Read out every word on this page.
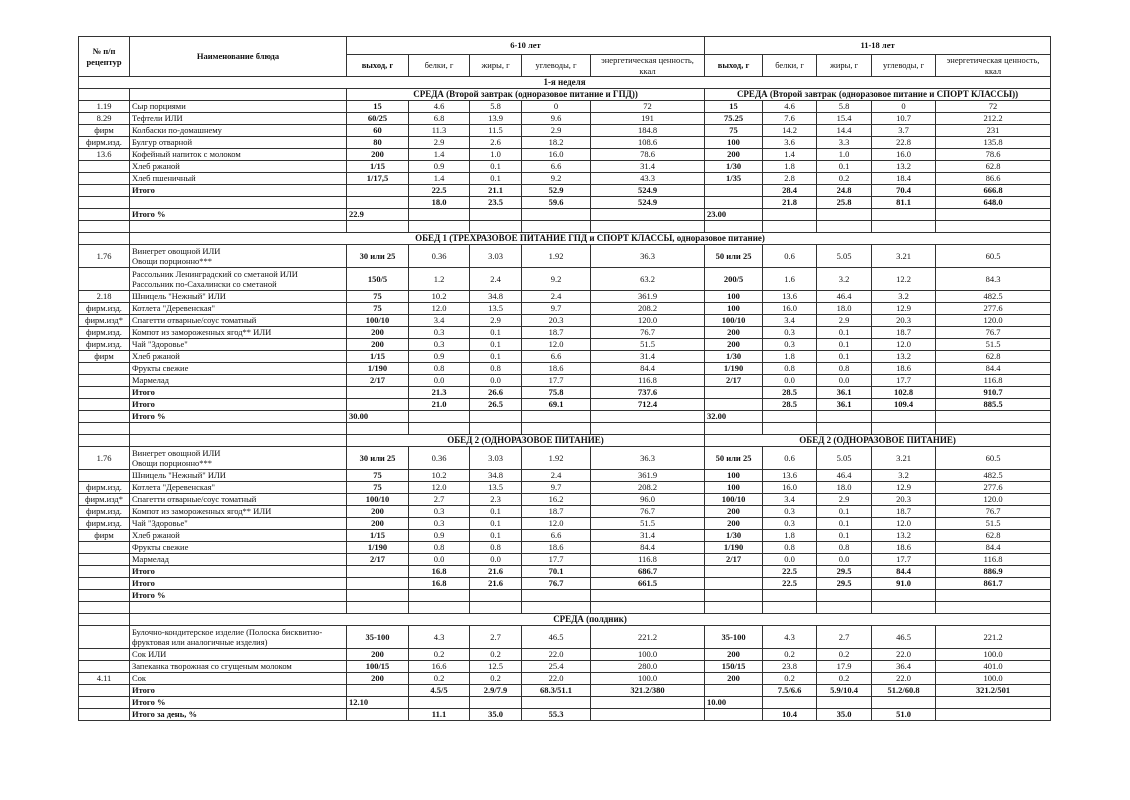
№ п/п рецептур	Наименование блюда	6-10 лет					11-18 лет				
		выход, г	белки, г	жиры, г	углеводы, г	энергетическая ценность, ккал	выход, г	белки, г	жиры, г	углеводы, г	энергетическая ценность, ккал
1-я неделя											
		СРЕДА (Второй завтрак (одноразовое питание и ГПД))					СРЕДА (Второй завтрак (одноразовое питание и СПОРТ КЛАССЫ))				
1.19	Сыр порциями	15	4.6	5.8	0	72	15	4.6	5.8	0	72
8.29	Тефтели ИЛИ	60/25	6.8	13.9	9.6	191	75.25	7.6	15.4	10.7	212.2
фирм	Колбаски по-домашнему	60	11.3	11.5	2.9	184.8	75	14.2	14.4	3.7	231
фирм.изд.	Булгур отварной	80	2.9	2.6	18.2	108.6	100	3.6	3.3	22.8	135.8
13.6	Кофейный напиток с молоком	200	1.4	1.0	16.0	78.6	200	1.4	1.0	16.0	78.6
	Хлеб ржаной	1/15	0.9	0.1	6.6	31.4	1/30	1.8	0.1	13.2	62.8
	Хлеб пшеничный	1/17,5	1.4	0.1	9.2	43.3	1/35	2.8	0.2	18.4	86.6
	Итого		22.5	21.1	52.9	524.9		28.4	24.8	70.4	666.8
			18.0	23.5	59.6	524.9		21.8	25.8	81.1	648.0
	Итого %	22.9					23.00				

	ОБЕД 1 (ТРЕХРАЗОВОЕ ПИТАНИЕ ГПД и СПОРТ КЛАССЫ, одноразовое питание)										
1.76	Винегрет овощной ИЛИ
Овощи порционно***	30 или 25	0.36	3.03	1.92	36.3	50 или 25	0.6	5.05	3.21	60.5
	Рассольник Ленинградский со сметаной ИЛИ
Рассольник по-Сахалински со сметаной	150/5	1.2	2.4	9.2	63.2	200/5	1.6	3.2	12.2	84.3
2.18	Шницель "Нежный" ИЛИ	75	10.2	34.8	2.4	361.9	100	13.6	46.4	3.2	482.5
фирм.изд.	Котлета "Деревенская"	75	12.0	13.5	9.7	208.2	100	16.0	18.0	12.9	277.6
фирм.изд*	Спагетти отварные/соус томатный	100/10	3.4	2.9	20.3	120.0	100/10	3.4	2.9	20.3	120.0
фирм.изд.	Компот из замороженных ягод** ИЛИ	200	0.3	0.1	18.7	76.7	200	0.3	0.1	18.7	76.7
фирм.изд.	Чай "Здоровье"	200	0.3	0.1	12.0	51.5	200	0.3	0.1	12.0	51.5
фирм	Хлеб ржаной	1/15	0.9	0.1	6.6	31.4	1/30	1.8	0.1	13.2	62.8
	Фрукты свежие	1/190	0.8	0.8	18.6	84.4	1/190	0.8	0.8	18.6	84.4
	Мармелад	2/17	0.0	0.0	17.7	116.8	2/17	0.0	0.0	17.7	116.8
	Итого		21.3	26.6	75.8	737.6		28.5	36.1	102.8	910.7
	Итого		21.0	26.5	69.1	712.4		28.5	36.1	109.4	885.5
	Итого %	30.00					32.00				

		ОБЕД 2 (ОДНОРАЗОВОЕ ПИТАНИЕ)					ОБЕД 2 (ОДНОРАЗОВОЕ ПИТАНИЕ)				
1.76	Винегрет овощной ИЛИ
Овощи порционно***	30 или 25	0.36	3.03	1.92	36.3	50 или 25	0.6	5.05	3.21	60.5
	Шницель "Нежный" ИЛИ	75	10.2	34.8	2.4	361.9	100	13.6	46.4	3.2	482.5
фирм.изд.	Котлета "Деревенская"	75	12.0	13.5	9.7	208.2	100	16.0	18.0	12.9	277.6
фирм.изд*	Спагетти отварные/соус томатный	100/10	2.7	2.3	16.2	96.0	100/10	3.4	2.9	20.3	120.0
фирм.изд.	Компот из замороженных ягод** ИЛИ	200	0.3	0.1	18.7	76.7	200	0.3	0.1	18.7	76.7
фирм.изд.	Чай "Здоровье"	200	0.3	0.1	12.0	51.5	200	0.3	0.1	12.0	51.5
фирм	Хлеб ржаной	1/15	0.9	0.1	6.6	31.4	1/30	1.8	0.1	13.2	62.8
	Фрукты свежие	1/190	0.8	0.8	18.6	84.4	1/190	0.8	0.8	18.6	84.4
	Мармелад	2/17	0.0	0.0	17.7	116.8	2/17	0.0	0.0	17.7	116.8
	Итого		16.8	21.6	70.1	686.7		22.5	29.5	84.4	886.9
	Итого		16.8	21.6	76.7	661.5		22.5	29.5	91.0	861.7
	Итого %										

	СРЕДА (полдник)										
	Булочно-кондитерское изделие (Полоска бисквитно-
фруктовая или аналогичные изделия)	35-100	4.3	2.7	46.5	221.2	35-100	4.3	2.7	46.5	221.2
	Сок ИЛИ	200	0.2	0.2	22.0	100.0	200	0.2	0.2	22.0	100.0
	Запеканка творожная со сгущеным молоком	100/15	16.6	12.5	25.4	280.0	150/15	23.8	17.9	36.4	401.0
4.11	Сок	200	0.2	0.2	22.0	100.0	200	0.2	0.2	22.0	100.0
	Итого		4.5/5	2.9/7.9	68.3/51.1	321.2/380		7.5/6.6	5.9/10.4	51.2/60.8	321.2/501
	Итого %	12.10					10.00				
	Итого за день, %		11.1	35.0	55.3			10.4	35.0	51.0	
